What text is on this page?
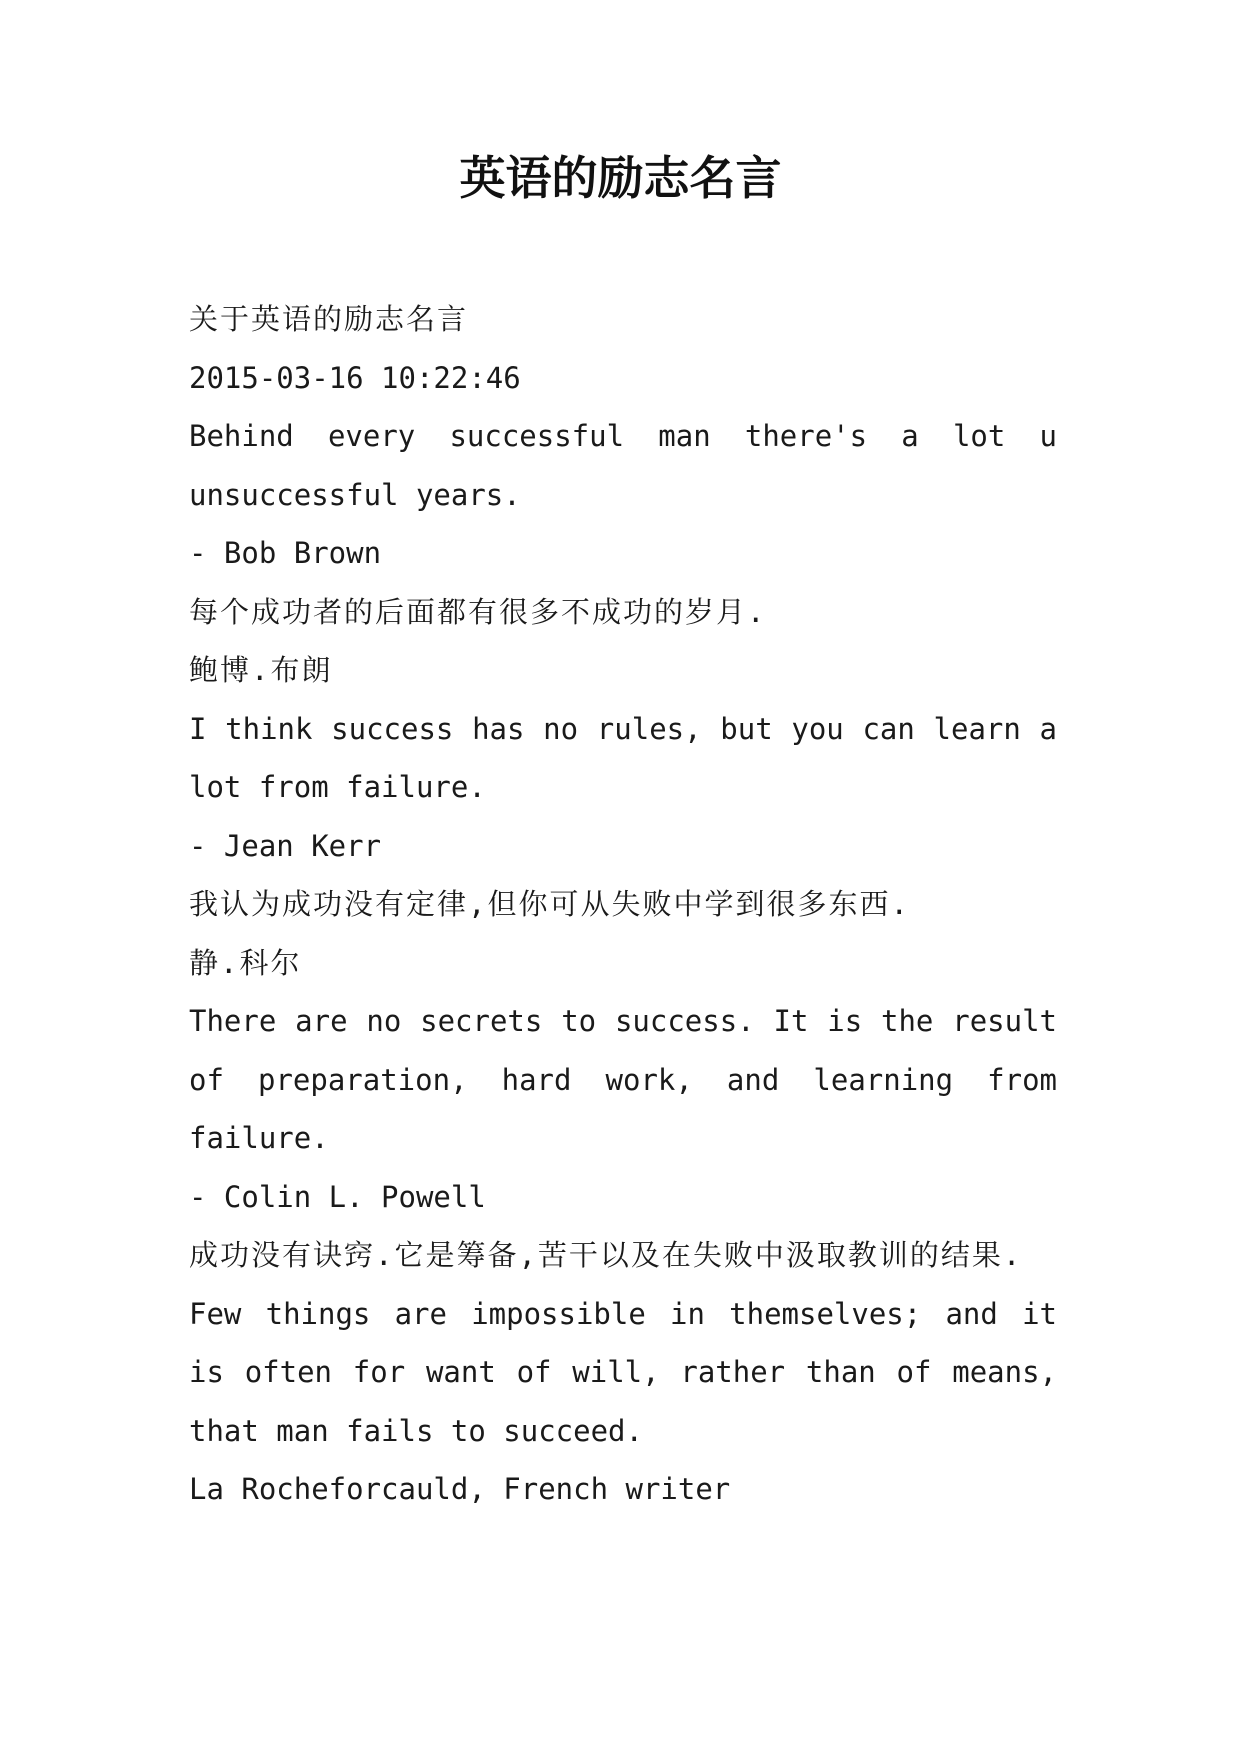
英语的励志名言

关于英语的励志名言

2015-03-16 10:22:46

Behind every successful man there's a lot u unsuccessful years.

- Bob Brown

每个成功者的后面都有很多不成功的岁月.

鲍博.布朗

I think success has no rules, but you can learn a lot from failure.

- Jean Kerr

我认为成功没有定律,但你可从失败中学到很多东西.

静.科尔

There are no secrets to success. It is the result of preparation, hard work, and learning from failure.

- Colin L. Powell

成功没有诀窍.它是筹备,苦干以及在失败中汲取教训的结果.

Few things are impossible in themselves; and it is often for want of will, rather than of means, that man fails to succeed.

La Rocheforcauld, French writer
